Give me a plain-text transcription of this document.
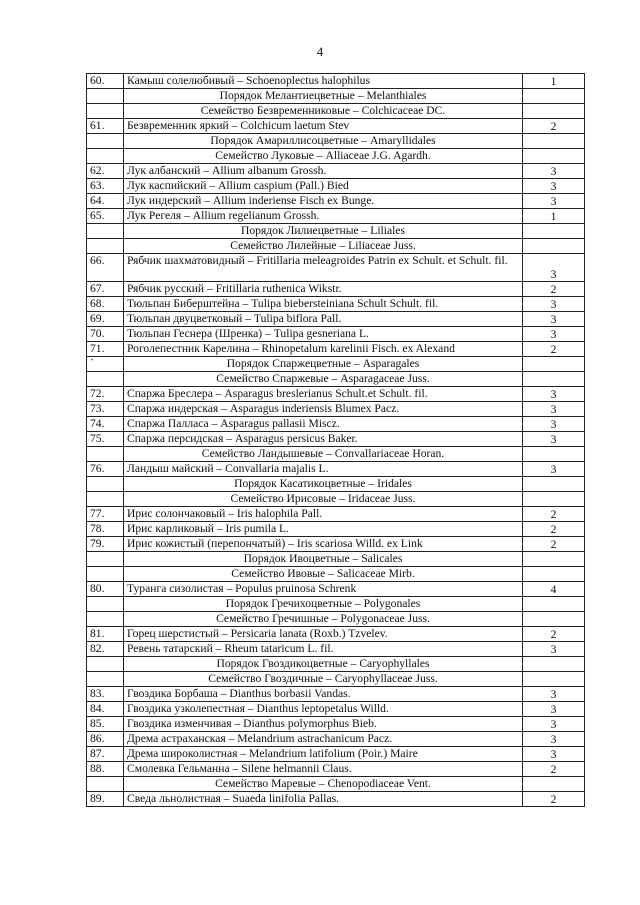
4
60.	Камыш солелюбивый – Schoenoplectus halophilus	1
	Порядок Мелантиецветные – Melanthiales	
	Семейство Безвременниковые – Colchicaceae DC.	
61.	Безвременник яркий – Colchicum laetum Stev	2
	Порядок Амариллисоцветные – Amaryllidales	
	Семейство Луковые – Alliaceae J.G. Agardh.	
62.	Лук албанский – Allium albanum Grossh.	3
63.	Лук каспийский – Allium caspium (Pall.) Bied	3
64.	Лук индерский – Allium inderiense Fisch ex Bunge.	3
65.	Лук Регеля – Allium regelianum Grossh.	1
	Порядок Лилиецветные – Liliales	
	Семейство Лилейные – Liliaceae Juss.	
66.	Рябчик шахматовидный – Fritillaria meleagroides Patrin ex Schult. et Schult. fil.	3
67.	Рябчик русский – Fritillaria ruthenica Wikstr.	2
68.	Тюльпан Биберштейна – Tulipa biebersteiniana Schult Schult. fil.	3
69.	Тюльпан двуцветковый – Tulipa biflora Pall.	3
70.	Тюльпан Геснера (Шренка) – Tulipa gesneriana L.	3
71.	Роголепестник Карелина – Rhinopetalum karelinii Fisch. ex Alexand	2
´	Порядок Спаржецветные – Asparagales	
	Семейство Спаржевые – Asparagaceae Juss.	
72.	Спаржа Бреслера – Asparagus breslerianus Schult.et Schult. fil.	3
73.	Спаржа индерская – Asparagus inderiensis Blumex Pacz.	3
74.	Спаржа Палласа – Asparagus pallasii Miscz.	3
75.	Спаржа персидская – Asparagus persicus Baker.	3
	Семейство Ландышевые – Convallariaceae Horan.	
76.	Ландыш майский – Convallaria majalis L.	3
	Порядок Касатикоцветные – Iridales	
	Семейство Ирисовые – Iridaceae Juss.	
77.	Ирис солончаковый – Iris halophila Pall.	2
78.	Ирис карликовый – Iris pumila L.	2
79.	Ирис кожистый (перепончатый) – Iris scariosa Willd. ex Link	2
	Порядок Ивоцветные – Salicales	
	Семейство Ивовые – Salicaceae Mirb.	
80.	Туранга сизолистая – Populus pruinosa Schrenk	4
	Порядок Гречихоцветные – Polygonales	
	Семейство Гречишные – Polygonaceae Juss.	
81.	Горец шерстистый – Persicaria lanata (Roxb.) Tzvelev.	2
82.	Ревень татарский – Rheum tataricum L. fil.	3
	Порядок Гвоздикоцветные – Caryophyllales	
	Семейство Гвоздичные – Caryophyllaceae Juss.	
83.	Гвоздика Борбаша – Dianthus borbasii Vandas.	3
84.	Гвоздика узколепестная – Dianthus leptopetalus Willd.	3
85.	Гвоздика изменчивая – Dianthus polymorphus Bieb.	3
86.	Дрема астраханская – Melandrium astrachanicum Pacz.	3
87.	Дрема широколистная – Melandrium latifolium (Poir.) Maire	3
88.	Смолевка Гельманна – Silene helmannii Claus.	2
	Семейство Маревые – Chenopodiaceae Vent.	
89.	Сведа льнолистная – Suaeda linifolia Pallas.	2
